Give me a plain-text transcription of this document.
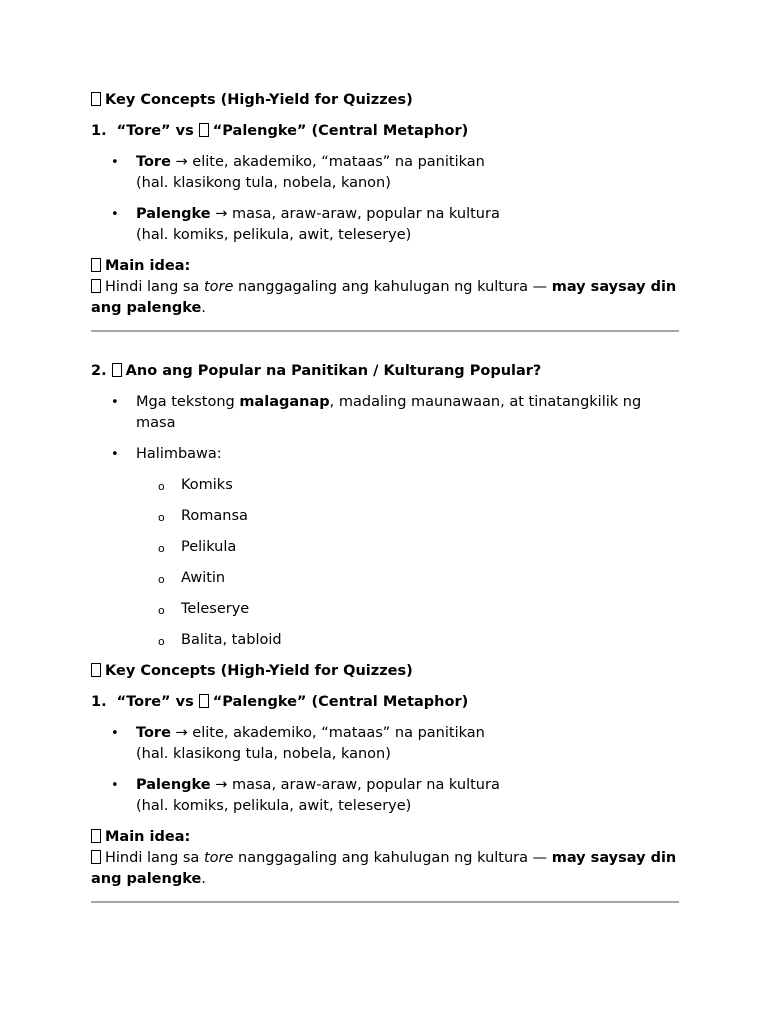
Key Concepts (High-Yield for Quizzes)

1. “Tore” vs “Palengke” (Central Metaphor)

• Tore → elite, akademiko, “mataas” na panitikan
(hal. klasikong tula, nobela, kanon)
• Palengke → masa, araw-araw, popular na kultura
(hal. komiks, pelikula, awit, teleserye)

Main idea:

Hindi lang sa tore nanggagaling ang kahulugan ng kultura — may saysay din ang palengke.

2. Ano ang Popular na Panitikan / Kulturang Popular?

• Mga tekstong malaganap, madaling maunawaan, at tinatangkilik ng masa
• Halimbawa:
o Komiks
o Romansa
o Pelikula
o Awitin
o Teleserye
o Balita, tabloid

Key Concepts (High-Yield for Quizzes)

1. “Tore” vs “Palengke” (Central Metaphor)

• Tore → elite, akademiko, “mataas” na panitikan
(hal. klasikong tula, nobela, kanon)
• Palengke → masa, araw-araw, popular na kultura
(hal. komiks, pelikula, awit, teleserye)

Main idea:

Hindi lang sa tore nanggagaling ang kahulugan ng kultura — may saysay din ang palengke.
